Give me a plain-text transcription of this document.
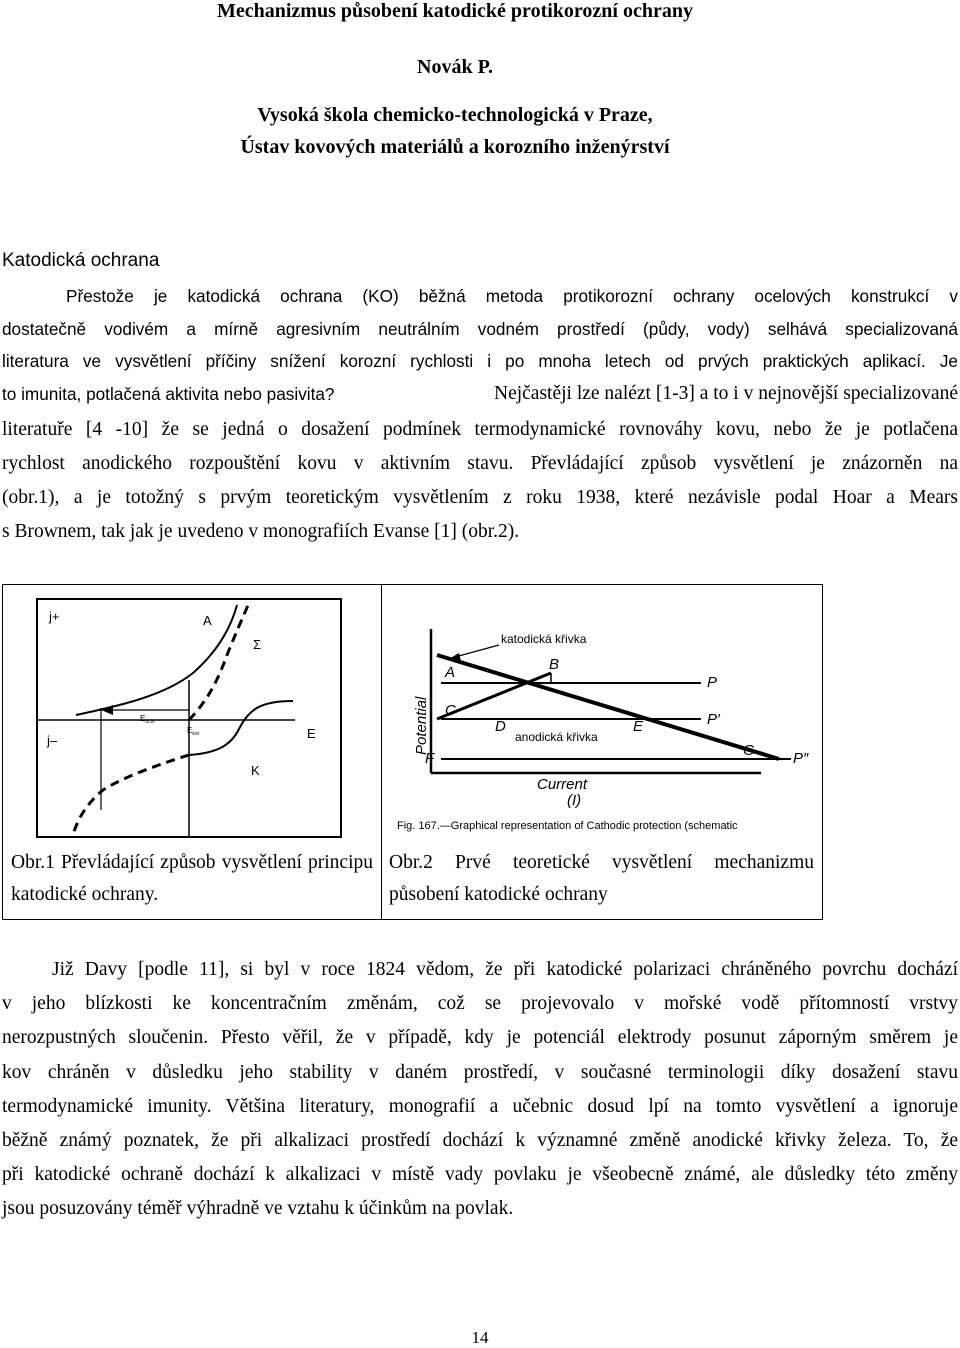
Mechanizmus působení katodické protikorozní ochrany
Novák P.
Vysoká škola chemicko-technologická v Praze,
Ústav kovových materiálů a korozního inženýrství
Katodická ochrana
Přestože je katodická ochrana (KO) běžná metoda protikorozní ochrany ocelových konstrukcí v
dostatečně vodivém a mírně agresivním neutrálním vodném prostředí (půdy, vody) selhává specializovaná
literatura ve vysvětlení příčiny snížení korozní rychlosti i po mnoha letech od prvých praktických aplikací. Je
to imunita, potlačená aktivita nebo pasivita?	Nejčastěji lze nalézt [1-3] a to i v nejnovější specializované
literatuře [4 -10] že se jedná o dosažení podmínek termodynamické rovnováhy kovu, nebo že je potlačena
rychlost anodického rozpouštění kovu v aktivním stavu. Převládající způsob vysvětlení je znázorněn na
(obr.1), a je totožný s prvým teoretickým vysvětlením z roku 1938, které nezávisle podal Hoar a Mears
s Brownem, tak jak je uvedeno v monografiích Evanse [1] (obr.2).
j+
j–
A
Σ
E
K
$E_{ochr}$
$E_{kor}$
Obr.1 Převládající způsob vysvětlení principu katodické ochrany.
katodická křivka
anodická křivka
Potential
Current
(I)
A	B
C
D	E
F	G
P
P′
P″
Fig. 167.—Graphical representation of Cathodic protection (schematic
Obr.2 Prvé teoretické vysvětlení mechanizmu působení katodické ochrany
Již Davy [podle 11], si byl v roce 1824 vědom, že při katodické polarizaci chráněného povrchu dochází
v jeho blízkosti ke koncentračním změnám, což se projevovalo v mořské vodě přítomností vrstvy
nerozpustných sloučenin. Přesto věřil, že v případě, kdy je potenciál elektrody posunut záporným směrem je
kov chráněn v důsledku jeho stability v daném prostředí, v současné terminologii díky dosažení stavu
termodynamické imunity. Většina literatury, monografií a učebnic dosud lpí na tomto vysvětlení a ignoruje
běžně známý poznatek, že při alkalizaci prostředí dochází k významné změně anodické křivky železa. To, že
při katodické ochraně dochází k alkalizaci v místě vady povlaku je všeobecně známé, ale důsledky této změny
jsou posuzovány téměř výhradně ve vztahu k účinkům na povlak.
14
